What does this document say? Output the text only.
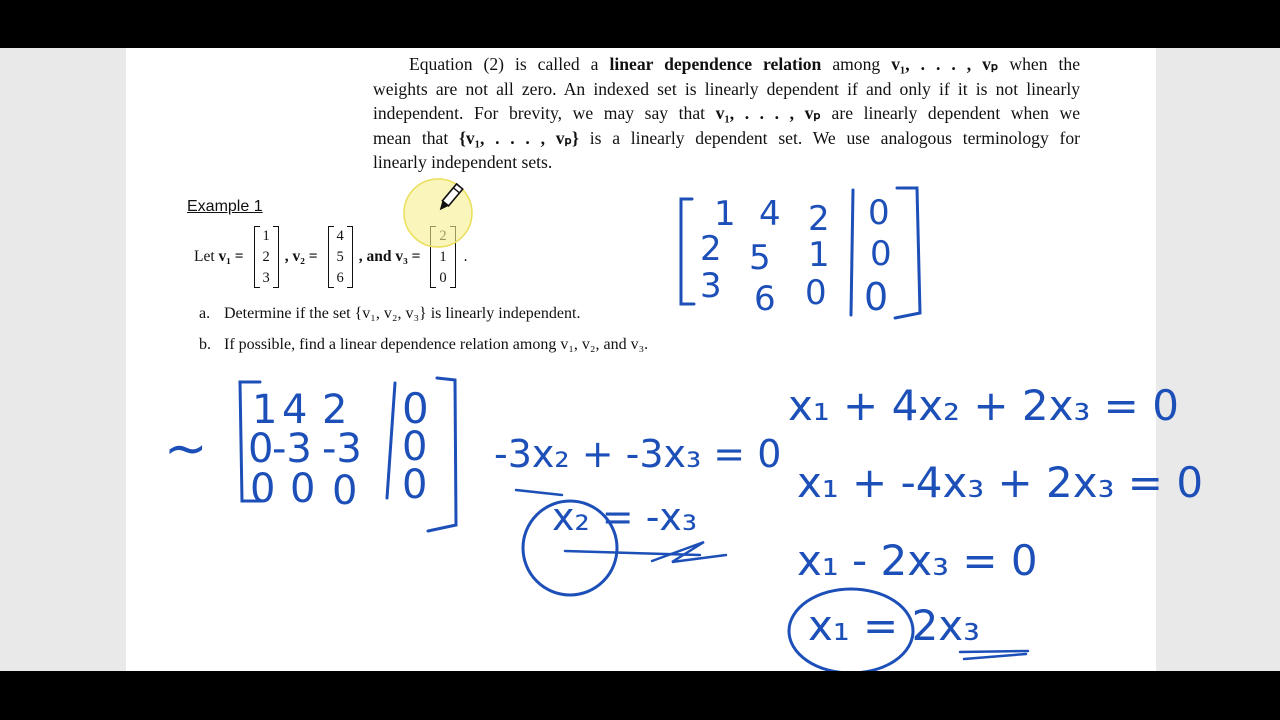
Equation (2) is called a linear dependence relation among v₁, . . . , vₚ when the
weights are not all zero. An indexed set is linearly dependent if and only if it is not linearly
independent. For brevity, we may say that v₁, . . . , vₚ are linearly dependent when we
mean that {v₁, . . . , vₚ} is a linearly dependent set. We use analogous terminology for
linearly independent sets.
Example 1
Let v₁ =
1
2
3
, v₂ =
4
5
6
, and v₃ = 1
0
.
a. Determine if the set {v₁, v₂, v₃} is linearly independent.
b. If possible, find a linear dependence relation among v₁, v₂, and v₃.
1 4 2 0
2 5 1 0
3 6 0 0
~
1 4 2 0
0
-3 -3 0
0 0 0 0
-3x₂ + -3x₃ = 0
x₂ = -x₃
x₁ + 4x₂ + 2x₃ = 0
x₁ + -4x₃ + 2x₃ = 0
x₁ - 2x₃ = 0
x₁ = 2x₃
